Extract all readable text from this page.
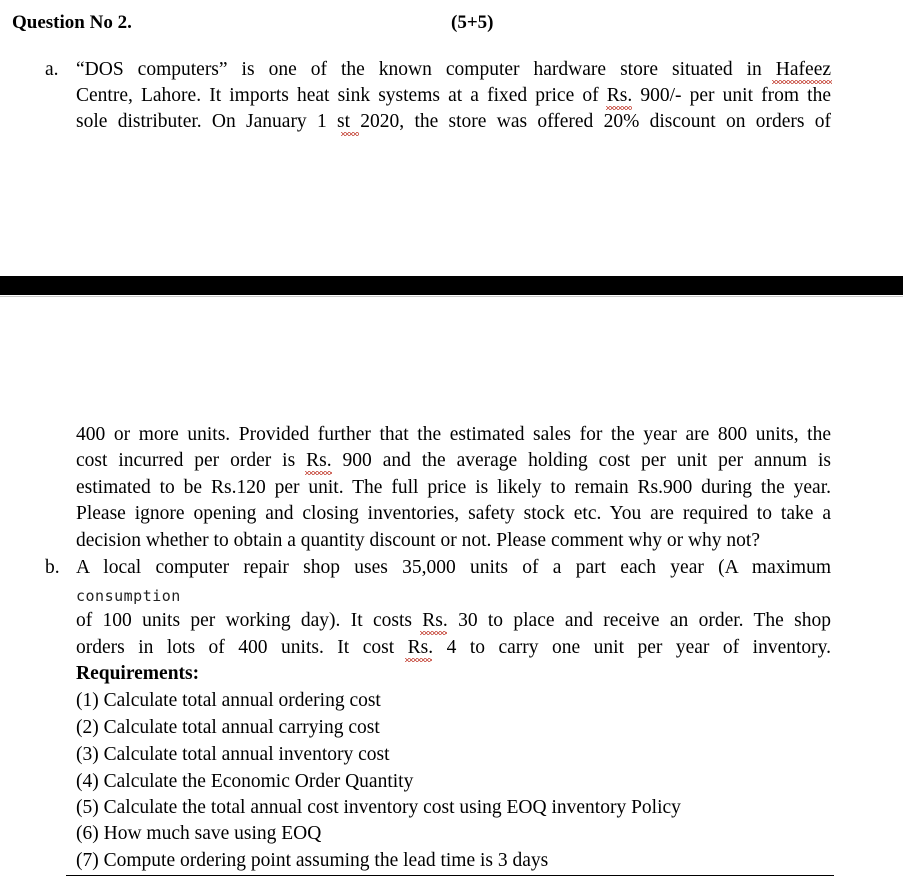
Question No 2.	(5+5)
a. “DOS computers” is one of the known computer hardware store situated in Hafeez
Centre, Lahore. It imports heat sink systems at a fixed price of Rs. 900/- per unit from the
sole distributer. On January 1 st 2020, the store was offered 20% discount on orders of
400 or more units. Provided further that the estimated sales for the year are 800 units, the
cost incurred per order is Rs. 900 and the average holding cost per unit per annum is
estimated to be Rs.120 per unit. The full price is likely to remain Rs.900 during the year.
Please ignore opening and closing inventories, safety stock etc. You are required to take a
decision whether to obtain a quantity discount or not. Please comment why or why not?
b. A local computer repair shop uses 35,000 units of a part each year (A maximum
consumption
of 100 units per working day). It costs Rs. 30 to place and receive an order. The shop
orders in lots of 400 units. It cost Rs. 4 to carry one unit per year of inventory.
Requirements:
(1) Calculate total annual ordering cost
(2) Calculate total annual carrying cost
(3) Calculate total annual inventory cost
(4) Calculate the Economic Order Quantity
(5) Calculate the total annual cost inventory cost using EOQ inventory Policy
(6) How much save using EOQ
(7) Compute ordering point assuming the lead time is 3 days
